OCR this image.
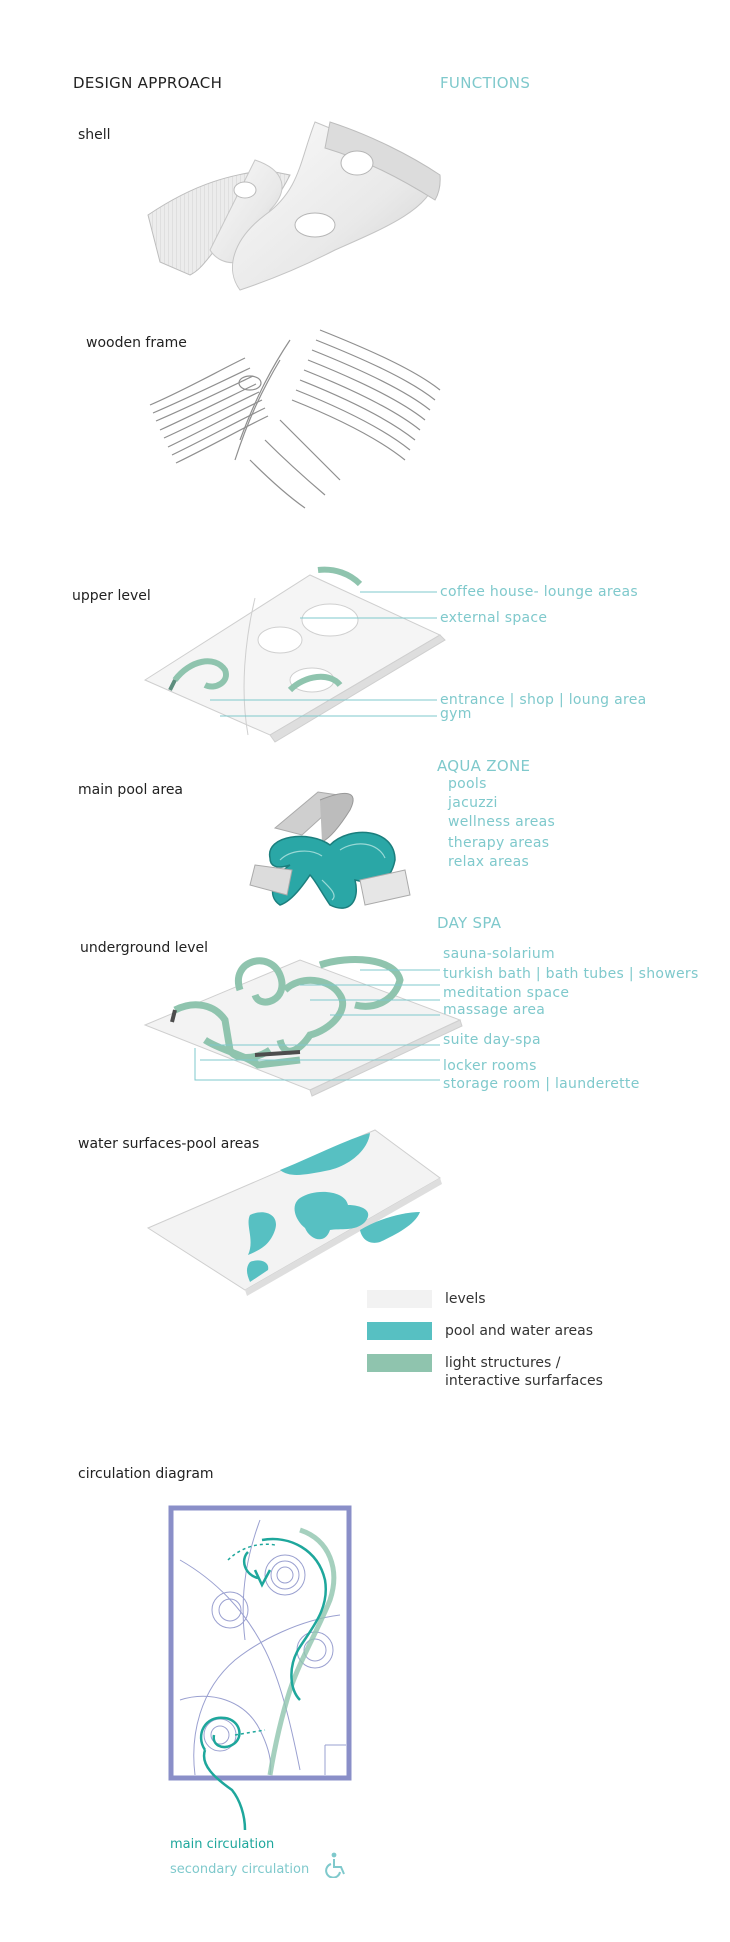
DESIGN APPROACH	FUNCTIONS
shell
wooden frame
upper level
main pool area
underground level
water surfaces-pool areas
circulation diagram
coffee house- lounge areas
external space
entrance | shop | loung area
gym
AQUA ZONE
pools
jacuzzi
wellness areas
therapy areas
relax areas
DAY SPA
sauna-solarium
turkish bath | bath tubes | showers
meditation space
massage area
suite day-spa
locker rooms
storage room | launderette
levels
pool and water areas
light structures /
interactive surfarfaces
main circulation
secondary circulation
